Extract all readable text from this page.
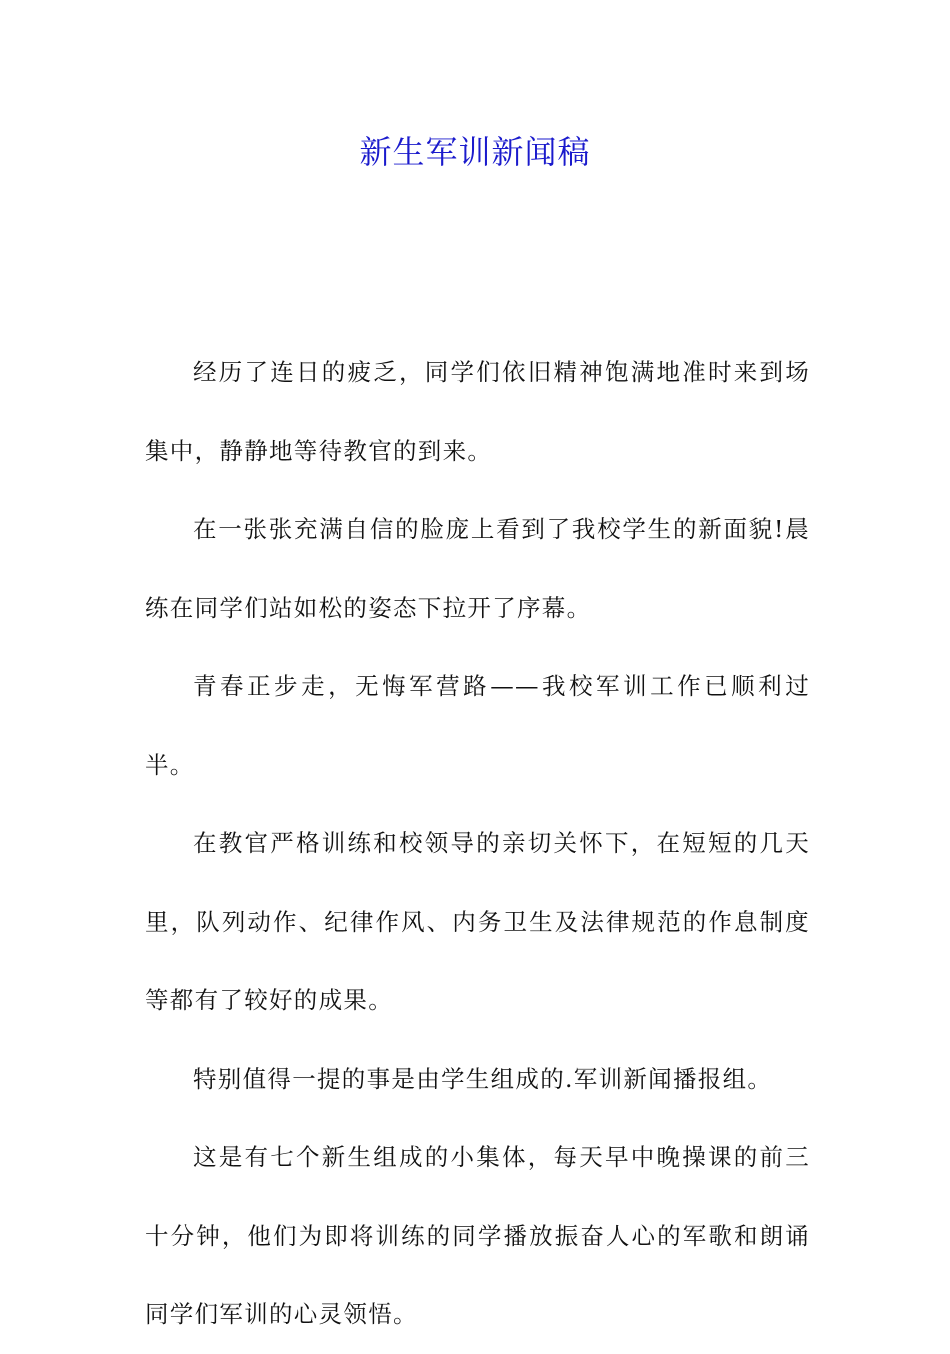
新生军训新闻稿

经历了连日的疲乏，同学们依旧精神饱满地准时来到场集中，静静地等待教官的到来。

在一张张充满自信的脸庞上看到了我校学生的新面貌!晨练在同学们站如松的姿态下拉开了序幕。

青春正步走，无悔军营路——我校军训工作已顺利过半。

在教官严格训练和校领导的亲切关怀下，在短短的几天里，队列动作、纪律作风、内务卫生及法律规范的作息制度等都有了较好的成果。

特别值得一提的事是由学生组成的.军训新闻播报组。

这是有七个新生组成的小集体，每天早中晚操课的前三十分钟，他们为即将训练的同学播放振奋人心的军歌和朗诵同学们军训的心灵领悟。
